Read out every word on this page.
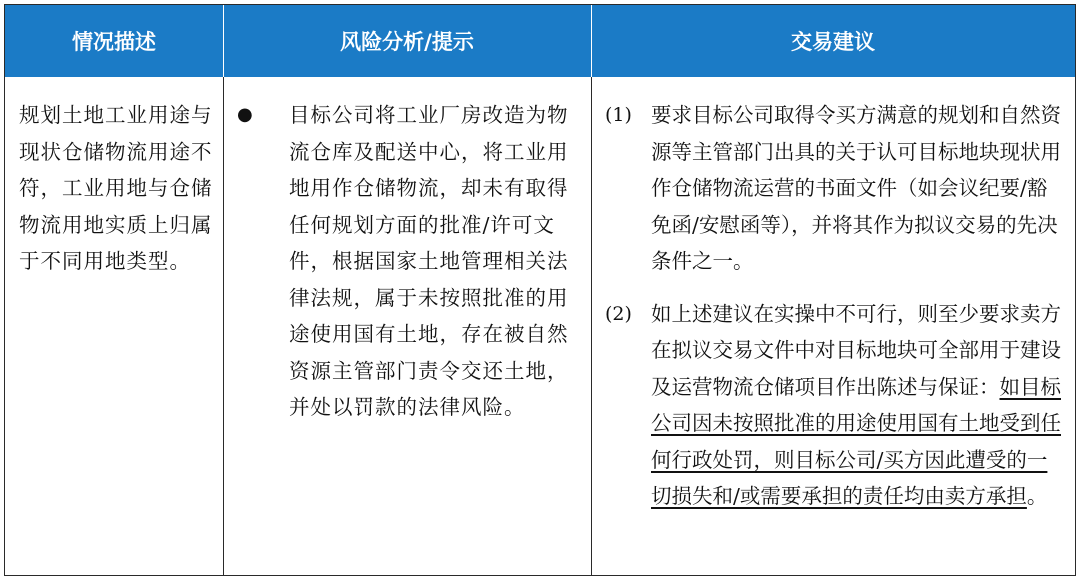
情况描述	风险分析/提示	交易建议
规划土地工业用途与现状仓储物流用途不符，工业用地与仓储物流用地实质上归属于不同用地类型。
● 目标公司将工业厂房改造为物流仓库及配送中心，将工业用地用作仓储物流，却未有取得任何规划方面的批准/许可文件，根据国家土地管理相关法律法规，属于未按照批准的用途使用国有土地，存在被自然资源主管部门责令交还土地，并处以罚款的法律风险。
(1) 要求目标公司取得令买方满意的规划和自然资源等主管部门出具的关于认可目标地块现状用作仓储物流运营的书面文件（如会议纪要/豁免函/安慰函等），并将其作为拟议交易的先决条件之一。
(2) 如上述建议在实操中不可行，则至少要求卖方在拟议交易文件中对目标地块可全部用于建设及运营物流仓储项目作出陈述与保证：如目标公司因未按照批准的用途使用国有土地受到任何行政处罚，则目标公司/买方因此遭受的一切损失和/或需要承担的责任均由卖方承担。
